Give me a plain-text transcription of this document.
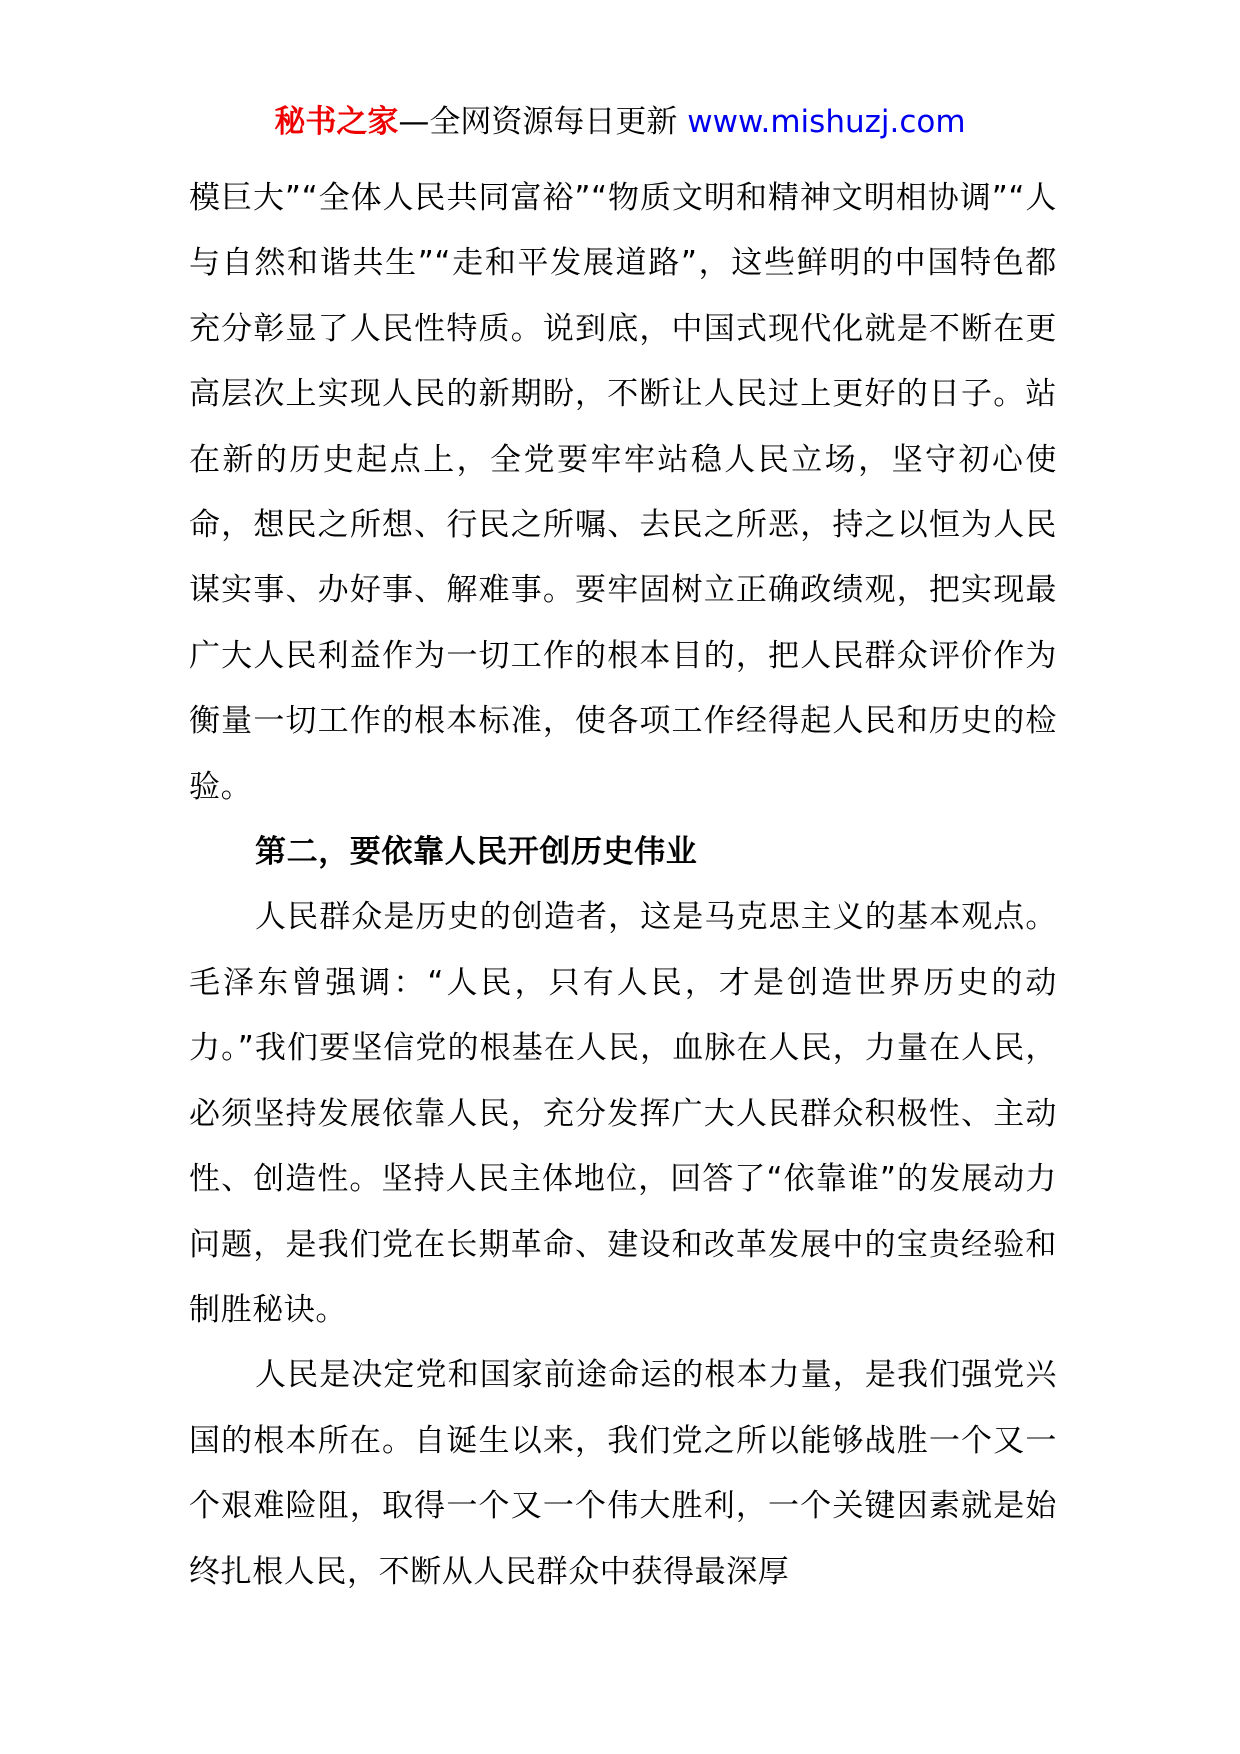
秘书之家—全网资源每日更新 www.mishuzj.com

模巨大”“全体人民共同富裕”“物质文明和精神文明相协调”“人与自然和谐共生”“走和平发展道路”，这些鲜明的中国特色都充分彰显了人民性特质。说到底，中国式现代化就是不断在更高层次上实现人民的新期盼，不断让人民过上更好的日子。站在新的历史起点上，全党要牢牢站稳人民立场，坚守初心使命，想民之所想、行民之所嘱、去民之所恶，持之以恒为人民谋实事、办好事、解难事。要牢固树立正确政绩观，把实现最广大人民利益作为一切工作的根本目的，把人民群众评价作为衡量一切工作的根本标准，使各项工作经得起人民和历史的检验。

第二，要依靠人民开创历史伟业

人民群众是历史的创造者，这是马克思主义的基本观点。毛泽东曾强调：“人民，只有人民，才是创造世界历史的动力。”我们要坚信党的根基在人民，血脉在人民，力量在人民，必须坚持发展依靠人民，充分发挥广大人民群众积极性、主动性、创造性。坚持人民主体地位，回答了“依靠谁”的发展动力问题，是我们党在长期革命、建设和改革发展中的宝贵经验和制胜秘诀。

人民是决定党和国家前途命运的根本力量，是我们强党兴国的根本所在。自诞生以来，我们党之所以能够战胜一个又一个艰难险阻，取得一个又一个伟大胜利，一个关键因素就是始终扎根人民，不断从人民群众中获得最深厚
